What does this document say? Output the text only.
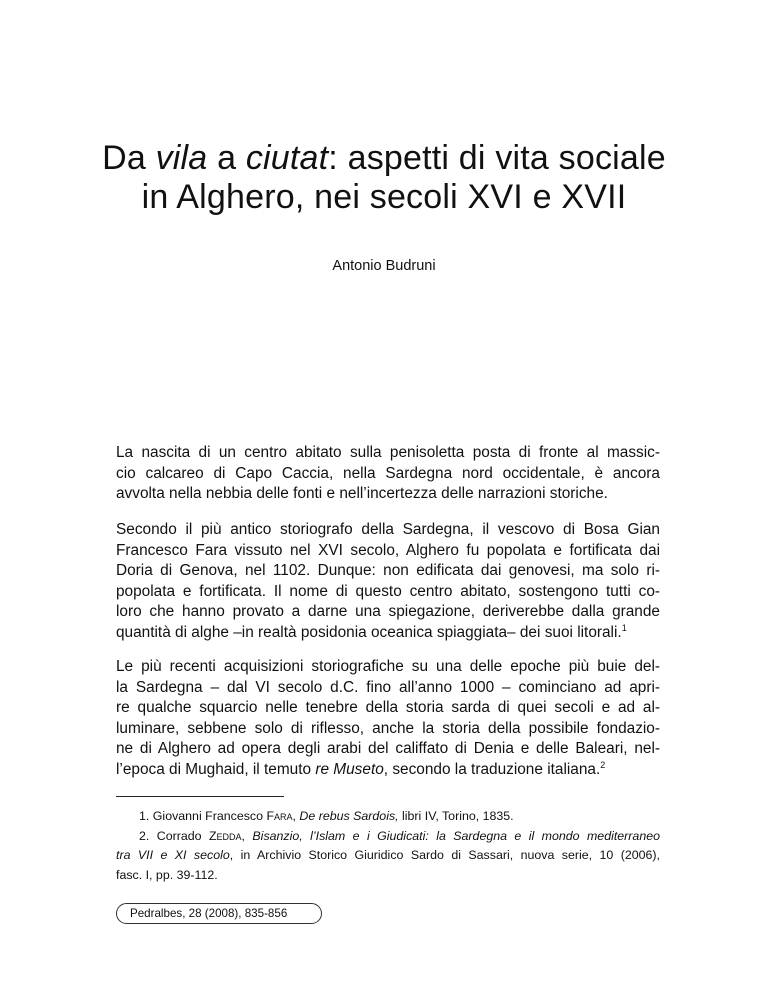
Da vila a ciutat: aspetti di vita sociale
in Alghero, nei secoli XVI e XVII
Antonio Budruni
La nascita di un centro abitato sulla penisoletta posta di fronte al massic-
cio calcareo di Capo Caccia, nella Sardegna nord occidentale, è ancora
avvolta nella nebbia delle fonti e nell’incertezza delle narrazioni storiche.
Secondo il più antico storiografo della Sardegna, il vescovo di Bosa Gian
Francesco Fara vissuto nel XVI secolo, Alghero fu popolata e fortificata dai
Doria di Genova, nel 1102. Dunque: non edificata dai genovesi, ma solo ri-
popolata e fortificata. Il nome di questo centro abitato, sostengono tutti co-
loro che hanno provato a darne una spiegazione, deriverebbe dalla grande
quantità di alghe –in realtà posidonia oceanica spiaggiata– dei suoi litorali.$^1$
Le più recenti acquisizioni storiografiche su una delle epoche più buie del-
la Sardegna – dal VI secolo d.C. fino all’anno 1000 – cominciano ad apri-
re qualche squarcio nelle tenebre della storia sarda di quei secoli e ad al-
luminare, sebbene solo di riflesso, anche la storia della possibile fondazio-
ne di Alghero ad opera degli arabi del califfato di Denia e delle Baleari, nel-
l’epoca di Mughaid, il temuto re Museto, secondo la traduzione italiana.$^2$
1. Giovanni Francesco Fara, De rebus Sardois, libri IV, Torino, 1835.
2. Corrado Zedda, Bisanzio, l’Islam e i Giudicati: la Sardegna e il mondo mediterraneo
tra VII e XI secolo, in Archivio Storico Giuridico Sardo di Sassari, nuova serie, 10 (2006),
fasc. I, pp. 39-112.
Pedralbes, 28 (2008), 835-856
